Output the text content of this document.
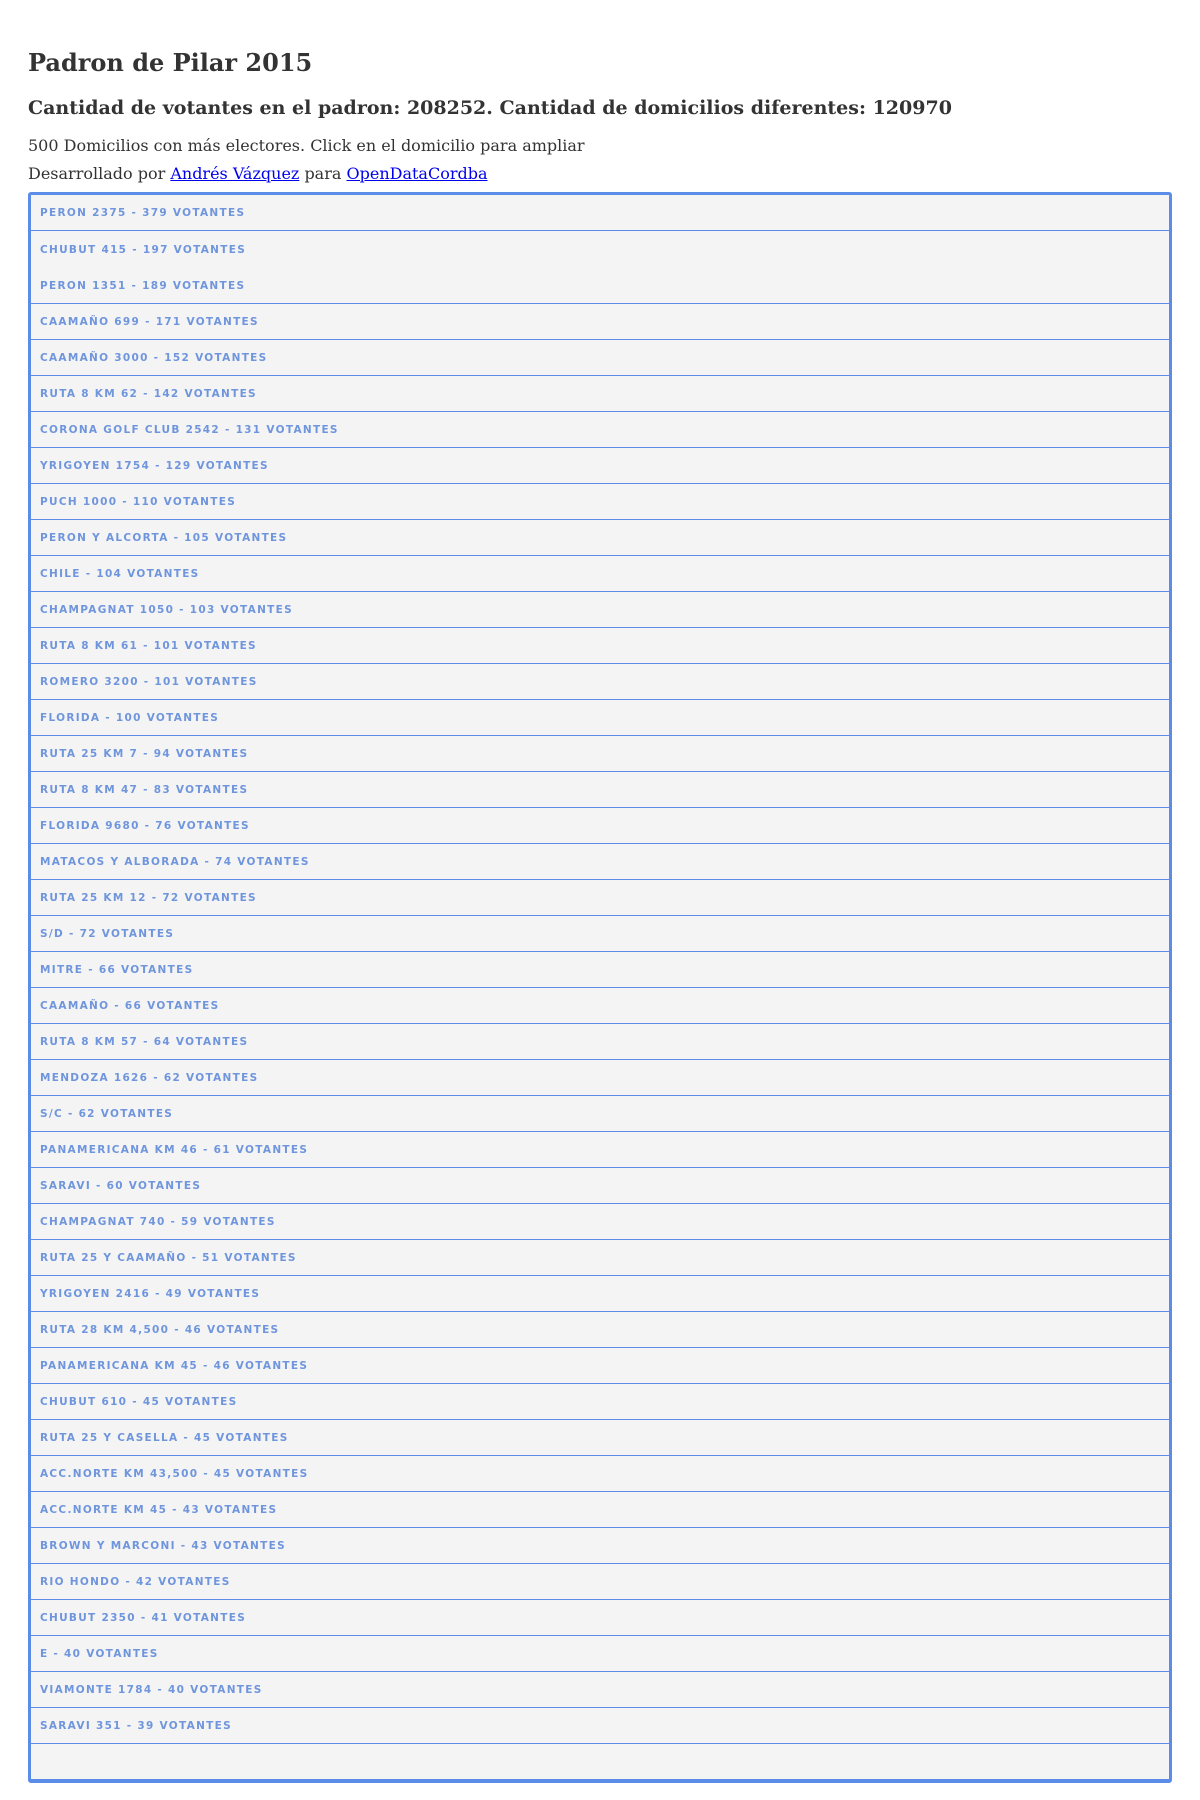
Padron de Pilar 2015
Cantidad de votantes en el padron: 208252. Cantidad de domicilios diferentes: 120970

500 Domicilios con más electores. Click en el domicilio para ampliar

Desarrollado por Andrés Vázquez para OpenDataCordba

PERON 2375 - 379 VOTANTES
CHUBUT 415 - 197 VOTANTES
PERON 1351 - 189 VOTANTES
CAAMAÑO 699 - 171 VOTANTES
CAAMAÑO 3000 - 152 VOTANTES
RUTA 8 KM 62 - 142 VOTANTES
CORONA GOLF CLUB 2542 - 131 VOTANTES
YRIGOYEN 1754 - 129 VOTANTES
PUCH 1000 - 110 VOTANTES
PERON Y ALCORTA - 105 VOTANTES
CHILE - 104 VOTANTES
CHAMPAGNAT 1050 - 103 VOTANTES
RUTA 8 KM 61 - 101 VOTANTES
ROMERO 3200 - 101 VOTANTES
FLORIDA - 100 VOTANTES
RUTA 25 KM 7 - 94 VOTANTES
RUTA 8 KM 47 - 83 VOTANTES
FLORIDA 9680 - 76 VOTANTES
MATACOS Y ALBORADA - 74 VOTANTES
RUTA 25 KM 12 - 72 VOTANTES
S/D - 72 VOTANTES
MITRE - 66 VOTANTES
CAAMAÑO - 66 VOTANTES
RUTA 8 KM 57 - 64 VOTANTES
MENDOZA 1626 - 62 VOTANTES
S/C - 62 VOTANTES
PANAMERICANA KM 46 - 61 VOTANTES
SARAVI - 60 VOTANTES
CHAMPAGNAT 740 - 59 VOTANTES
RUTA 25 Y CAAMAÑO - 51 VOTANTES
YRIGOYEN 2416 - 49 VOTANTES
RUTA 28 KM 4,500 - 46 VOTANTES
PANAMERICANA KM 45 - 46 VOTANTES
CHUBUT 610 - 45 VOTANTES
RUTA 25 Y CASELLA - 45 VOTANTES
ACC.NORTE KM 43,500 - 45 VOTANTES
ACC.NORTE KM 45 - 43 VOTANTES
BROWN Y MARCONI - 43 VOTANTES
RIO HONDO - 42 VOTANTES
CHUBUT 2350 - 41 VOTANTES
E - 40 VOTANTES
VIAMONTE 1784 - 40 VOTANTES
SARAVI 351 - 39 VOTANTES
